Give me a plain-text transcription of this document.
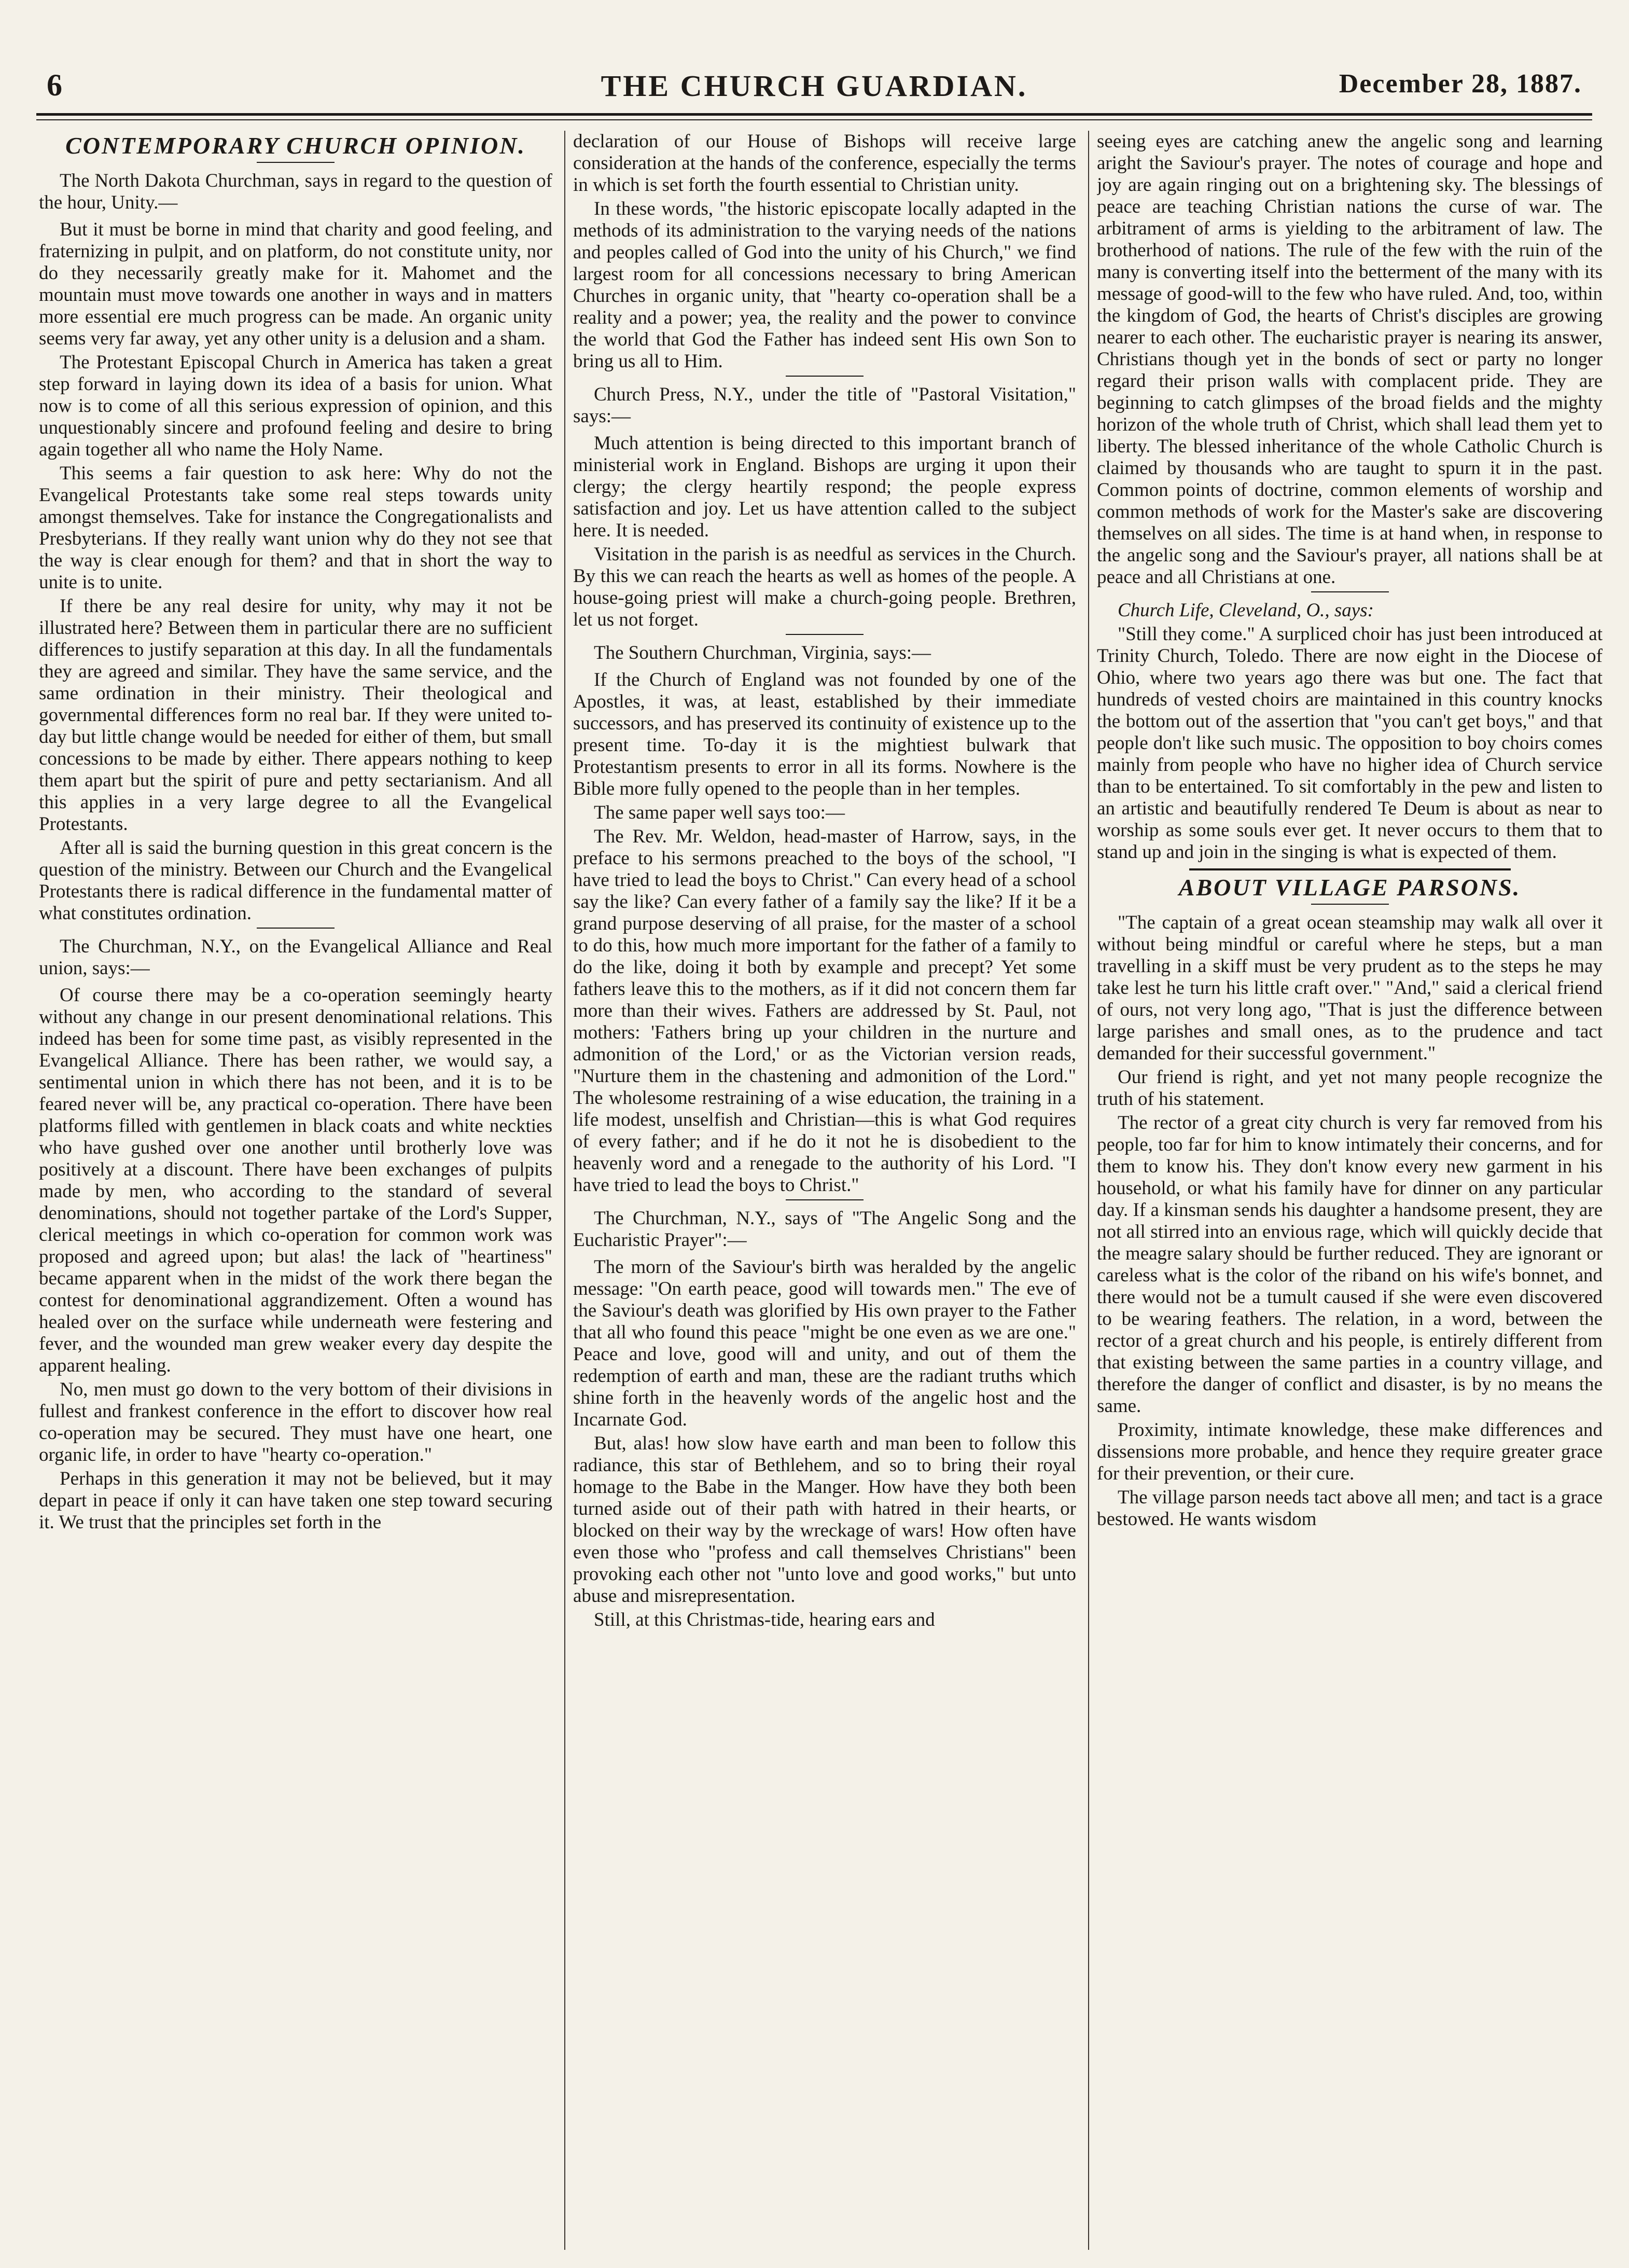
6	THE CHURCH GUARDIAN.	December 28, 1887.
CONTEMPORARY CHURCH OPINION.

The North Dakota Churchman, says in regard to the question of the hour, Unity.—

But it must be borne in mind that charity and good feeling, and fraternizing in pulpit, and on platform, do not constitute unity, nor do they necessarily greatly make for it. Mahomet and the mountain must move towards one another in ways and in matters more essential ere much progress can be made. An organic unity seems very far away, yet any other unity is a delusion and a sham.

The Protestant Episcopal Church in America has taken a great step forward in laying down its idea of a basis for union. What now is to come of all this serious expression of opinion, and this unquestionably sincere and profound feeling and desire to bring again together all who name the Holy Name.

This seems a fair question to ask here: Why do not the Evangelical Protestants take some real steps towards unity amongst themselves. Take for instance the Congregationalists and Presbyterians. If they really want union why do they not see that the way is clear enough for them? and that in short the way to unite is to unite.

If there be any real desire for unity, why may it not be illustrated here? Between them in particular there are no sufficient differences to justify separation at this day. In all the fundamentals they are agreed and similar. They have the same service, and the same ordination in their ministry. Their theological and governmental differences form no real bar. If they were united to-day but little change would be needed for either of them, but small concessions to be made by either. There appears nothing to keep them apart but the spirit of pure and petty sectarianism. And all this applies in a very large degree to all the Evangelical Protestants.

After all is said the burning question in this great concern is the question of the ministry. Between our Church and the Evangelical Protestants there is radical difference in the fundamental matter of what constitutes ordination.

The Churchman, N.Y., on the Evangelical Alliance and Real union, says:—

Of course there may be a co-operation seemingly hearty without any change in our present denominational relations. This indeed has been for some time past, as visibly represented in the Evangelical Alliance. There has been rather, we would say, a sentimental union in which there has not been, and it is to be feared never will be, any practical co-operation. There have been platforms filled with gentlemen in black coats and white neckties who have gushed over one another until brotherly love was positively at a discount. There have been exchanges of pulpits made by men, who according to the standard of several denominations, should not together partake of the Lord's Supper, clerical meetings in which co-operation for common work was proposed and agreed upon; but alas! the lack of "heartiness" became apparent when in the midst of the work there began the contest for denominational aggrandizement. Often a wound has healed over on the surface while underneath were festering and fever, and the wounded man grew weaker every day despite the apparent healing.

No, men must go down to the very bottom of their divisions in fullest and frankest conference in the effort to discover how real co-operation may be secured. They must have one heart, one organic life, in order to have "hearty co-operation."

Perhaps in this generation it may not be believed, but it may depart in peace if only it can have taken one step toward securing it. We trust that the principles set forth in the

declaration of our House of Bishops will receive large consideration at the hands of the conference, especially the terms in which is set forth the fourth essential to Christian unity.

In these words, "the historic episcopate locally adapted in the methods of its administration to the varying needs of the nations and peoples called of God into the unity of his Church," we find largest room for all concessions necessary to bring American Churches in organic unity, that "hearty co-operation shall be a reality and a power; yea, the reality and the power to convince the world that God the Father has indeed sent His own Son to bring us all to Him.

Church Press, N.Y., under the title of "Pastoral Visitation," says:—

Much attention is being directed to this important branch of ministerial work in England. Bishops are urging it upon their clergy; the clergy heartily respond; the people express satisfaction and joy. Let us have attention called to the subject here. It is needed.

Visitation in the parish is as needful as services in the Church. By this we can reach the hearts as well as homes of the people. A house-going priest will make a church-going people. Brethren, let us not forget.

The Southern Churchman, Virginia, says:—

If the Church of England was not founded by one of the Apostles, it was, at least, established by their immediate successors, and has preserved its continuity of existence up to the present time. To-day it is the mightiest bulwark that Protestantism presents to error in all its forms. Nowhere is the Bible more fully opened to the people than in her temples.

The same paper well says too:—

The Rev. Mr. Weldon, head-master of Harrow, says, in the preface to his sermons preached to the boys of the school, "I have tried to lead the boys to Christ." Can every head of a school say the like? Can every father of a family say the like? If it be a grand purpose deserving of all praise, for the master of a school to do this, how much more important for the father of a family to do the like, doing it both by example and precept? Yet some fathers leave this to the mothers, as if it did not concern them far more than their wives. Fathers are addressed by St. Paul, not mothers: 'Fathers bring up your children in the nurture and admonition of the Lord,' or as the Victorian version reads, "Nurture them in the chastening and admonition of the Lord." The wholesome restraining of a wise education, the training in a life modest, unselfish and Christian—this is what God requires of every father; and if he do it not he is disobedient to the heavenly word and a renegade to the authority of his Lord. "I have tried to lead the boys to Christ."

The Churchman, N.Y., says of "The Angelic Song and the Eucharistic Prayer":—

The morn of the Saviour's birth was heralded by the angelic message: "On earth peace, good will towards men." The eve of the Saviour's death was glorified by His own prayer to the Father that all who found this peace "might be one even as we are one." Peace and love, good will and unity, and out of them the redemption of earth and man, these are the radiant truths which shine forth in the heavenly words of the angelic host and the Incarnate God.

But, alas! how slow have earth and man been to follow this radiance, this star of Bethlehem, and so to bring their royal homage to the Babe in the Manger. How have they both been turned aside out of their path with hatred in their hearts, or blocked on their way by the wreckage of wars! How often have even those who "profess and call themselves Christians" been provoking each other not "unto love and good works," but unto abuse and misrepresentation.

Still, at this Christmas-tide, hearing ears and

seeing eyes are catching anew the angelic song and learning aright the Saviour's prayer. The notes of courage and hope and joy are again ringing out on a brightening sky. The blessings of peace are teaching Christian nations the curse of war. The arbitrament of arms is yielding to the arbitrament of law. The brotherhood of nations. The rule of the few with the ruin of the many is converting itself into the betterment of the many with its message of good-will to the few who have ruled. And, too, within the kingdom of God, the hearts of Christ's disciples are growing nearer to each other. The eucharistic prayer is nearing its answer, Christians though yet in the bonds of sect or party no longer regard their prison walls with complacent pride. They are beginning to catch glimpses of the broad fields and the mighty horizon of the whole truth of Christ, which shall lead them yet to liberty. The blessed inheritance of the whole Catholic Church is claimed by thousands who are taught to spurn it in the past. Common points of doctrine, common elements of worship and common methods of work for the Master's sake are discovering themselves on all sides. The time is at hand when, in response to the angelic song and the Saviour's prayer, all nations shall be at peace and all Christians at one.

Church Life, Cleveland, O., says:

"Still they come." A surpliced choir has just been introduced at Trinity Church, Toledo. There are now eight in the Diocese of Ohio, where two years ago there was but one. The fact that hundreds of vested choirs are maintained in this country knocks the bottom out of the assertion that "you can't get boys," and that people don't like such music. The opposition to boy choirs comes mainly from people who have no higher idea of Church service than to be entertained. To sit comfortably in the pew and listen to an artistic and beautifully rendered Te Deum is about as near to worship as some souls ever get. It never occurs to them that to stand up and join in the singing is what is expected of them.

ABOUT VILLAGE PARSONS.

"The captain of a great ocean steamship may walk all over it without being mindful or careful where he steps, but a man travelling in a skiff must be very prudent as to the steps he may take lest he turn his little craft over." "And," said a clerical friend of ours, not very long ago, "That is just the difference between large parishes and small ones, as to the prudence and tact demanded for their successful government."

Our friend is right, and yet not many people recognize the truth of his statement.

The rector of a great city church is very far removed from his people, too far for him to know intimately their concerns, and for them to know his. They don't know every new garment in his household, or what his family have for dinner on any particular day. If a kinsman sends his daughter a handsome present, they are not all stirred into an envious rage, which will quickly decide that the meagre salary should be further reduced. They are ignorant or careless what is the color of the riband on his wife's bonnet, and there would not be a tumult caused if she were even discovered to be wearing feathers. The relation, in a word, between the rector of a great church and his people, is entirely different from that existing between the same parties in a country village, and therefore the danger of conflict and disaster, is by no means the same.

Proximity, intimate knowledge, these make differences and dissensions more probable, and hence they require greater grace for their prevention, or their cure.

The village parson needs tact above all men; and tact is a grace bestowed. He wants wisdom
